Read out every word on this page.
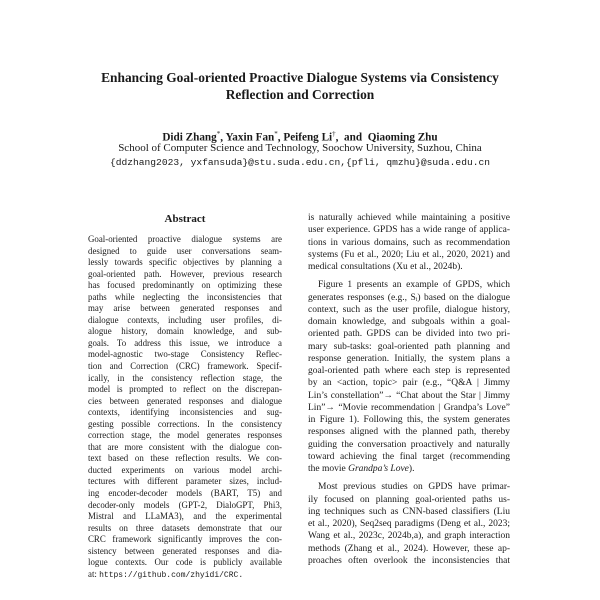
Enhancing Goal-oriented Proactive Dialogue Systems via Consistency
Reflection and Correction
Didi Zhang*, Yaxin Fan*, Peifeng Li†,  and  Qiaoming Zhu
School of Computer Science and Technology, Soochow University, Suzhou, China
{ddzhang2023, yxfansuda}@stu.suda.edu.cn,{pfli, qmzhu}@suda.edu.cn
Abstract
Goal-oriented proactive dialogue systems are
designed to guide user conversations seam-
lessly towards specific objectives by planning a
goal-oriented path. However, previous research
has focused predominantly on optimizing these
paths while neglecting the inconsistencies that
may arise between generated responses and
dialogue contexts, including user profiles, di-
alogue history, domain knowledge, and sub-
goals. To address this issue, we introduce a
model-agnostic two-stage Consistency Reflec-
tion and Correction (CRC) framework. Specif-
ically, in the consistency reflection stage, the
model is prompted to reflect on the discrepan-
cies between generated responses and dialogue
contexts, identifying inconsistencies and sug-
gesting possible corrections. In the consistency
correction stage, the model generates responses
that are more consistent with the dialogue con-
text based on these reflection results. We con-
ducted experiments on various model archi-
tectures with different parameter sizes, includ-
ing encoder-decoder models (BART, T5) and
decoder-only models (GPT-2, DialoGPT, Phi3,
Mistral and LLaMA3), and the experimental
results on three datasets demonstrate that our
CRC framework significantly improves the con-
sistency between generated responses and dia-
logue contexts. Our code is publicly available
at: https://github.com/zhyidi/CRC.
is naturally achieved while maintaining a positive
user experience. GPDS has a wide range of applica-
tions in various domains, such as recommendation
systems (Fu et al., 2020; Liu et al., 2020, 2021) and
medical consultations (Xu et al., 2024b).
Figure 1 presents an example of GPDS, which
generates responses (e.g., Sᵢ) based on the dialogue
context, such as the user profile, dialogue history,
domain knowledge, and subgoals within a goal-
oriented path. GPDS can be divided into two pri-
mary sub-tasks: goal-oriented path planning and
response generation. Initially, the system plans a
goal-oriented path where each step is represented
by an <action, topic> pair (e.g., “Q&A | Jimmy
Lin’s constellation”→ “Chat about the Star | Jimmy
Lin”→ “Movie recommendation | Grandpa’s Love”
in Figure 1). Following this, the system generates
responses aligned with the planned path, thereby
guiding the conversation proactively and naturally
toward achieving the final target (recommending
the movie Grandpa’s Love).
Most previous studies on GPDS have primar-
ily focused on planning goal-oriented paths us-
ing techniques such as CNN-based classifiers (Liu
et al., 2020), Seq2seq paradigms (Deng et al., 2023;
Wang et al., 2023c, 2024b,a), and graph interaction
methods (Zhang et al., 2024). However, these ap-
proaches often overlook the inconsistencies that
